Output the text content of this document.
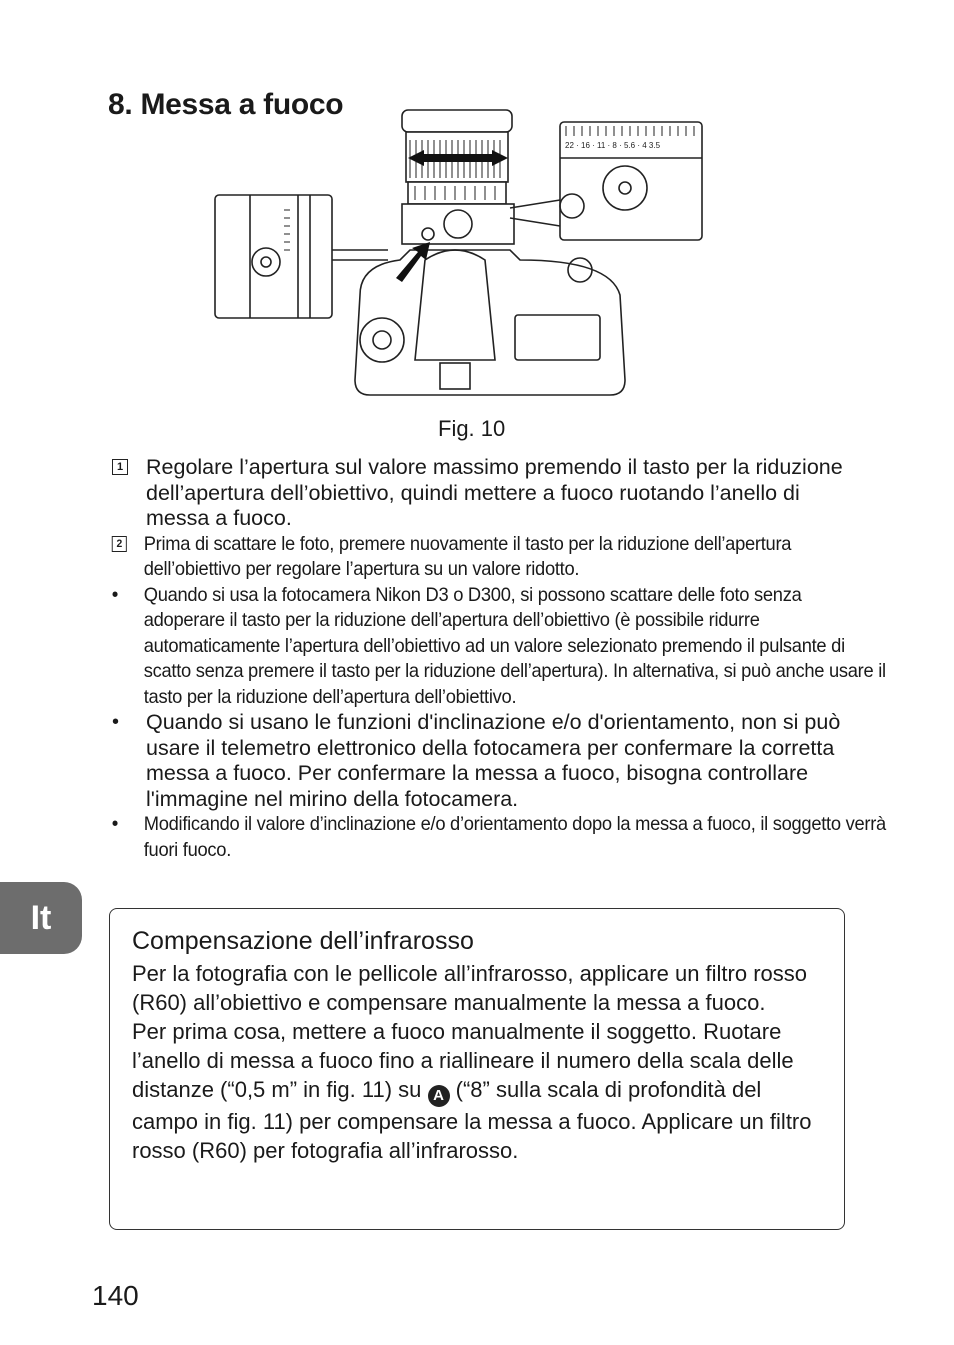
8. Messa a fuoco
22 · 16 · 11 · 8 · 5.6 · 4 3.5
Fig. 10
1 Regolare l’apertura sul valore massimo premendo il tasto per la riduzione dell’apertura dell’obiettivo, quindi mettere a fuoco ruotando l’anello di messa a fuoco.
2 Prima di scattare le foto, premere nuovamente il tasto per la riduzione dell’apertura dell’obiettivo per regolare l’apertura su un valore ridotto.
• Quando si usa la fotocamera Nikon D3 o D300, si possono scattare delle foto senza adoperare il tasto per la riduzione dell’apertura dell’obiettivo (è possibile ridurre automaticamente l’apertura dell’obiettivo ad un valore selezionato premendo il pulsante di scatto senza premere il tasto per la riduzione dell’apertura). In alternativa, si può anche usare il tasto per la riduzione dell’apertura dell’obiettivo.
• Quando si usano le funzioni d'inclinazione e/o d'orientamento, non si può usare il telemetro elettronico della fotocamera per confermare la corretta messa a fuoco. Per confermare la messa a fuoco, bisogna controllare l'immagine nel mirino della fotocamera.
• Modificando il valore d’inclinazione e/o d’orientamento dopo la messa a fuoco, il soggetto verrà fuori fuoco.
It
Compensazione dell’infrarosso

Per la fotografia con le pellicole all’infrarosso, applicare un filtro rosso (R60) all’obiettivo e compensare manualmente la messa a fuoco.

Per prima cosa, mettere a fuoco manualmente il soggetto. Ruotare l’anello di messa a fuoco fino a riallineare il numero della scala delle distanze (“0,5 m” in fig. 11) su A (“8” sulla scala di profondità del campo in fig. 11) per compensare la messa a fuoco. Applicare un filtro rosso (R60) per fotografia all’infrarosso.

140
